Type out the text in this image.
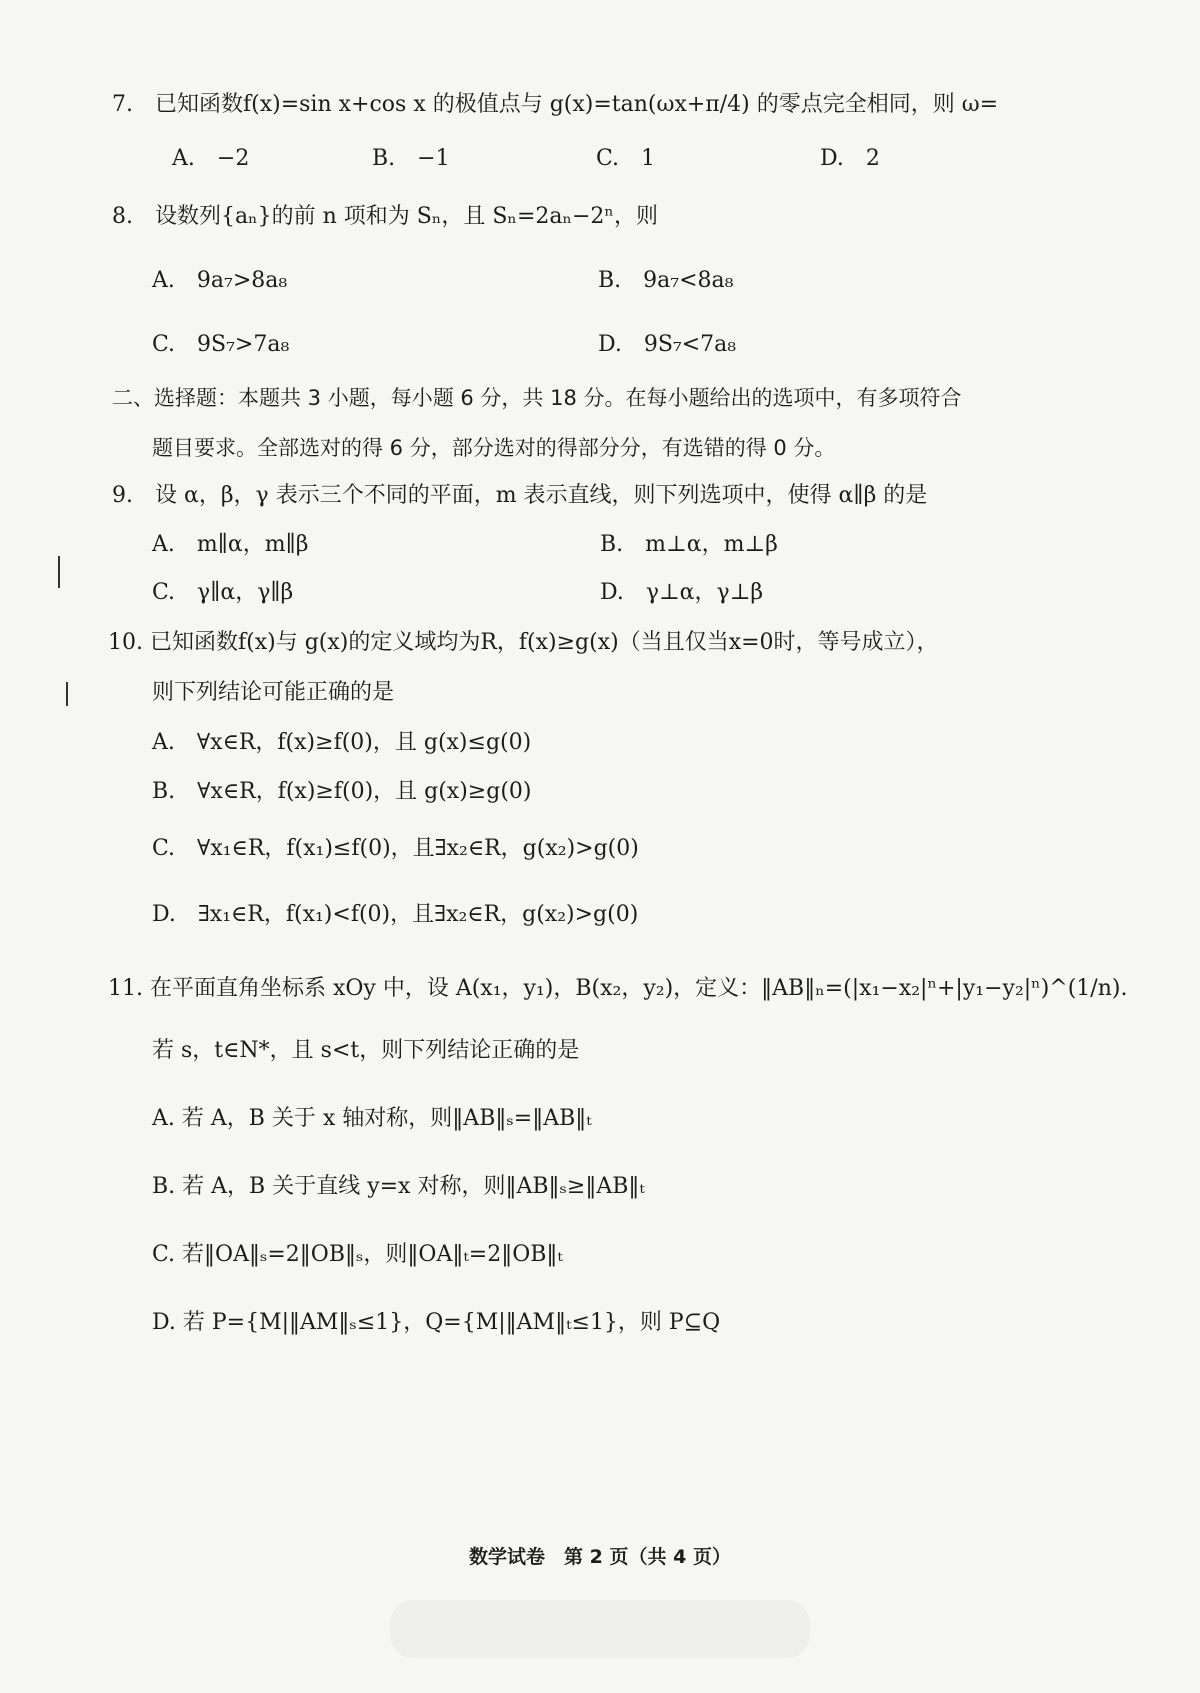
7.　已知函数f(x)=sin x+cos x 的极值点与 g(x)=tan(ωx+π/4) 的零点完全相同，则 ω=
A.　−2	B.　−1	C.　1	D.　2
8.　设数列{aₙ}的前 n 项和为 Sₙ，且 Sₙ=2aₙ−2ⁿ，则
A.　9a₇>8a₈	B.　9a₇<8a₈
C.　9S₇>7a₈	D.　9S₇<7a₈
二、选择题：本题共 3 小题，每小题 6 分，共 18 分。在每小题给出的选项中，有多项符合
题目要求。全部选对的得 6 分，部分选对的得部分分，有选错的得 0 分。
9.　设 α，β，γ 表示三个不同的平面，m 表示直线，则下列选项中，使得 α∥β 的是
A.　m∥α，m∥β	B.　m⊥α，m⊥β
C.　γ∥α，γ∥β	D.　γ⊥α，γ⊥β
10. 已知函数f(x)与 g(x)的定义域均为R，f(x)≥g(x)（当且仅当x=0时，等号成立），
则下列结论可能正确的是
A.　∀x∈R，f(x)≥f(0)，且 g(x)≤g(0)
B.　∀x∈R，f(x)≥f(0)，且 g(x)≥g(0)
C.　∀x₁∈R，f(x₁)≤f(0)，且∃x₂∈R，g(x₂)>g(0)
D.　∃x₁∈R，f(x₁)<f(0)，且∃x₂∈R，g(x₂)>g(0)
11. 在平面直角坐标系 xOy 中，设 A(x₁，y₁)，B(x₂，y₂)，定义：‖AB‖ₙ=(|x₁−x₂|ⁿ+|y₁−y₂|ⁿ)^(1/n).
若 s，t∈N*，且 s<t，则下列结论正确的是
A. 若 A，B 关于 x 轴对称，则‖AB‖ₛ=‖AB‖ₜ
B. 若 A，B 关于直线 y=x 对称，则‖AB‖ₛ≥‖AB‖ₜ
C. 若‖OA‖ₛ=2‖OB‖ₛ，则‖OA‖ₜ=2‖OB‖ₜ
D. 若 P={M|‖AM‖ₛ≤1}，Q={M|‖AM‖ₜ≤1}，则 P⊆Q
数学试卷　第 2 页（共 4 页）
